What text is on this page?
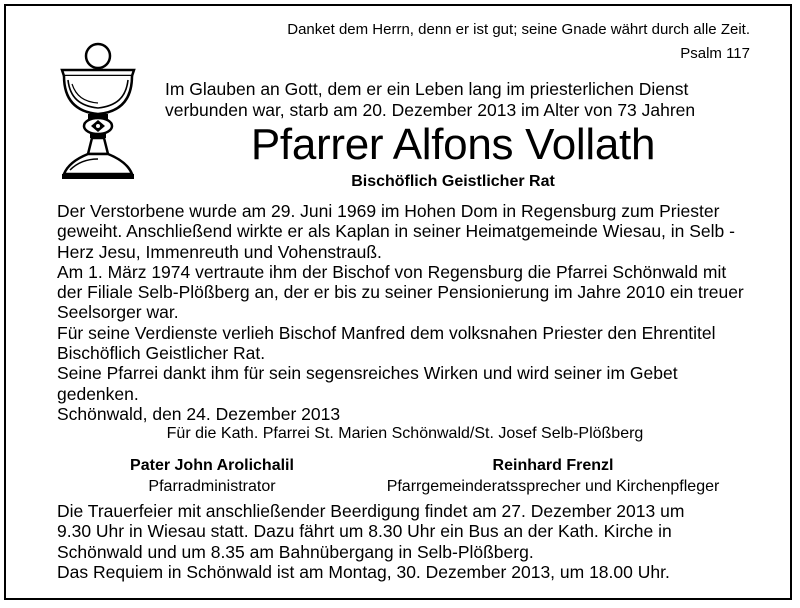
Danket dem Herrn, denn er ist gut; seine Gnade währt durch alle Zeit.
Psalm 117
Im Glauben an Gott, dem er ein Leben lang im priesterlichen Dienst
verbunden war, starb am 20. Dezember 2013 im Alter von 73 Jahren
Pfarrer Alfons Vollath
Bischöflich Geistlicher Rat
Der Verstorbene wurde am 29. Juni 1969 im Hohen Dom in Regensburg zum Priester
geweiht. Anschließend wirkte er als Kaplan in seiner Heimatgemeinde Wiesau, in Selb -
Herz Jesu, Immenreuth und Vohenstrauß.
Am 1. März 1974 vertraute ihm der Bischof von Regensburg die Pfarrei Schönwald mit
der Filiale Selb-Plößberg an, der er bis zu seiner Pensionierung im Jahre 2010 ein treuer
Seelsorger war.
Für seine Verdienste verlieh Bischof Manfred dem volksnahen Priester den Ehrentitel
Bischöflich Geistlicher Rat.
Seine Pfarrei dankt ihm für sein segensreiches Wirken und wird seiner im Gebet
gedenken.
Schönwald, den 24. Dezember 2013
Für die Kath. Pfarrei St. Marien Schönwald/St. Josef Selb-Plößberg
Pater John Arolichalil
Pfarradministrator
Reinhard Frenzl
Pfarrgemeinderatssprecher und Kirchenpfleger
Die Trauerfeier mit anschließender Beerdigung findet am 27. Dezember 2013 um
9.30 Uhr in Wiesau statt. Dazu fährt um 8.30 Uhr ein Bus an der Kath. Kirche in
Schönwald und um 8.35 am Bahnübergang in Selb-Plößberg.
Das Requiem in Schönwald ist am Montag, 30. Dezember 2013, um 18.00 Uhr.
